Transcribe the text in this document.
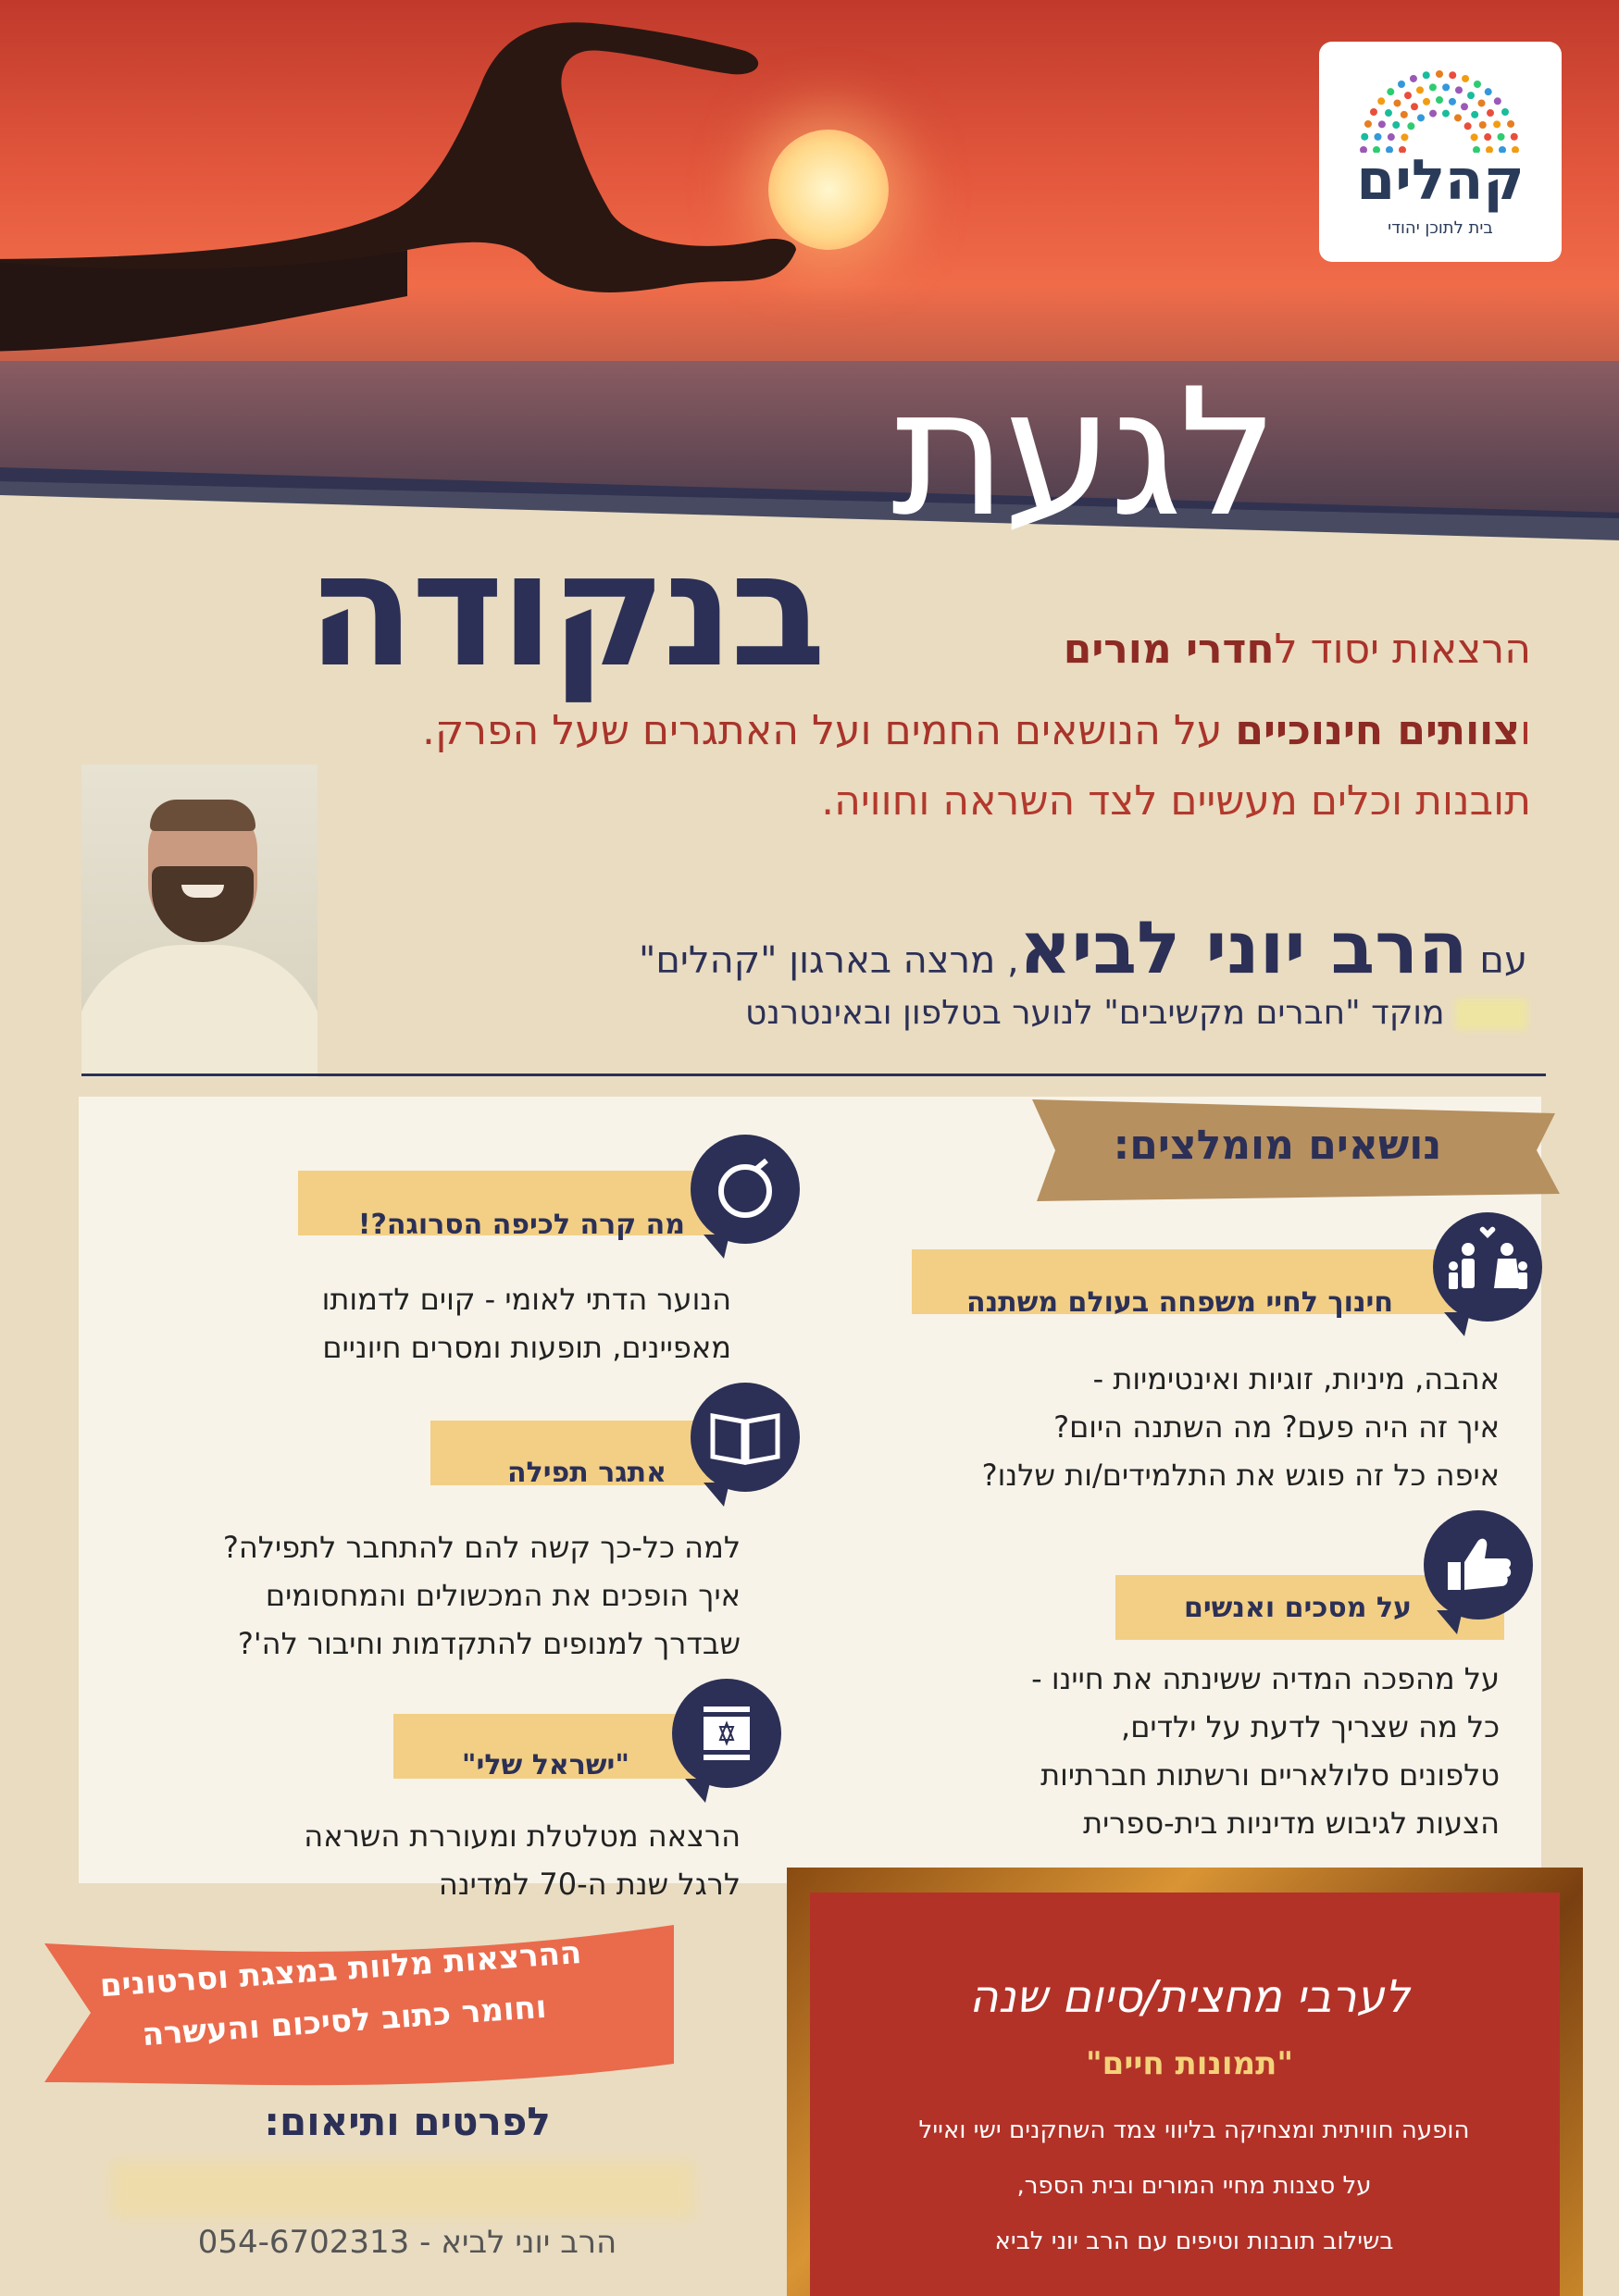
קהלים
בית לתוכן יהודי
לגעת
בנקודה	הרצאות יסוד לחדרי מורים
וצוותים חינוכיים על הנושאים החמים ועל האתגרים שעל הפרק.
תובנות וכלים מעשיים לצד השראה וחוויה.
עם הרב יוני לביא, מרצה בארגון "קהלים"
מוקד "חברים מקשיבים" לנוער בטלפון ובאינטרנט
נושאים מומלצים:
מה קרה לכיפה הסרוגה?!
הנוער הדתי לאומי - קוים לדמותו
מאפיינים, תופעות ומסרים חיוניים
אתגר תפילה
למה כל-כך קשה להם להתחבר לתפילה?
איך הופכים את המכשולים והמחסומים
שבדרך למנופים להתקדמות וחיבור לה'?
"ישראל שלי"
הרצאה מטלטלת ומעוררת השראה
לרגל שנת ה-70 למדינה
חינוך לחיי משפחה בעולם משתנה
אהבה, מיניות, זוגיות ואינטימיות -
איך זה היה פעם? מה השתנה היום?
איפה כל זה פוגש את התלמידים/ות שלנו?
על מסכים ואנשים
על מהפכה המדיה ששינתה את חיינו -
כל מה שצריך לדעת על ילדים,
טלפונים סלולאריים ורשתות חברתיות
הצעות לגיבוש מדיניות בית-ספרית
ההרצאות מלוות במצגת וסרטונים
וחומר כתוב לסיכום והעשרה
לפרטים ותיאום:
הרב יוני לביא - 054-6702313
לערבי מחצית/סיום שנה
"תמונות חיים"
הופעה חוויתית ומצחיקה בליווי צמד השחקנים ישי ואייל
על סצנות מחיי המורים ובית הספר,
בשילוב תובנות וטיפים עם הרב יוני לביא
